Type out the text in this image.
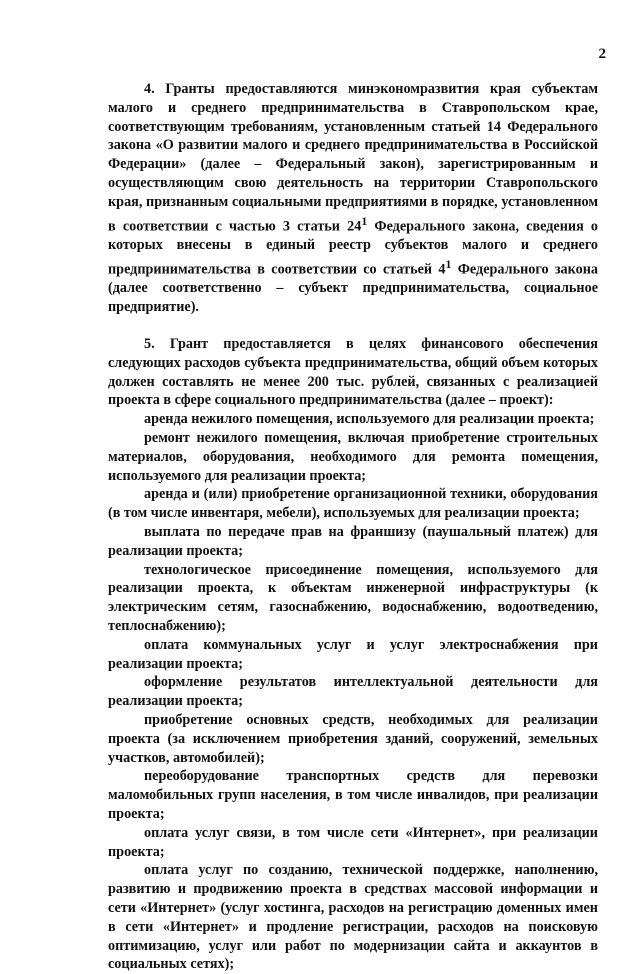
2

4. Гранты предоставляются минэкономразвития края субъектам малого и среднего предпринимательства в Ставропольском крае, соответствующим требованиям, установленным статьей 14 Федерального закона «О развитии малого и среднего предпринимательства в Российской Федерации» (далее – Федеральный закон), зарегистрированным и осуществляющим свою деятельность на территории Ставропольского края, признанным социальными предприятиями в порядке, установленном в соответствии с частью 3 статьи $24^1$ Федерального закона, сведения о которых внесены в единый реестр субъектов малого и среднего предпринимательства в соответствии со статьей $4^1$ Федерального закона (далее соответственно – субъект предпринимательства, социальное предприятие).

5. Грант предоставляется в целях финансового обеспечения следующих расходов субъекта предпринимательства, общий объем которых должен составлять не менее 200 тыс. рублей, связанных с реализацией проекта в сфере социального предпринимательства (далее – проект):

аренда нежилого помещения, используемого для реализации проекта;

ремонт нежилого помещения, включая приобретение строительных материалов, оборудования, необходимого для ремонта помещения, используемого для реализации проекта;

аренда и (или) приобретение организационной техники, оборудования (в том числе инвентаря, мебели), используемых для реализации проекта;

выплата по передаче прав на франшизу (паушальный платеж) для реализации проекта;

технологическое присоединение помещения, используемого для реализации проекта, к объектам инженерной инфраструктуры (к электрическим сетям, газоснабжению, водоснабжению, водоотведению, теплоснабжению);

оплата коммунальных услуг и услуг электроснабжения при реализации проекта;

оформление результатов интеллектуальной деятельности для реализации проекта;

приобретение основных средств, необходимых для реализации проекта (за исключением приобретения зданий, сооружений, земельных участков, автомобилей);

переоборудование транспортных средств для перевозки маломобильных групп населения, в том числе инвалидов, при реализации проекта;

оплата услуг связи, в том числе сети «Интернет», при реализации проекта;

оплата услуг по созданию, технической поддержке, наполнению, развитию и продвижению проекта в средствах массовой информации и сети «Интернет» (услуг хостинга, расходов на регистрацию доменных имен в сети «Интернет» и продление регистрации, расходов на поисковую оптимизацию, услуг или работ по модернизации сайта и аккаунтов в социальных сетях);
